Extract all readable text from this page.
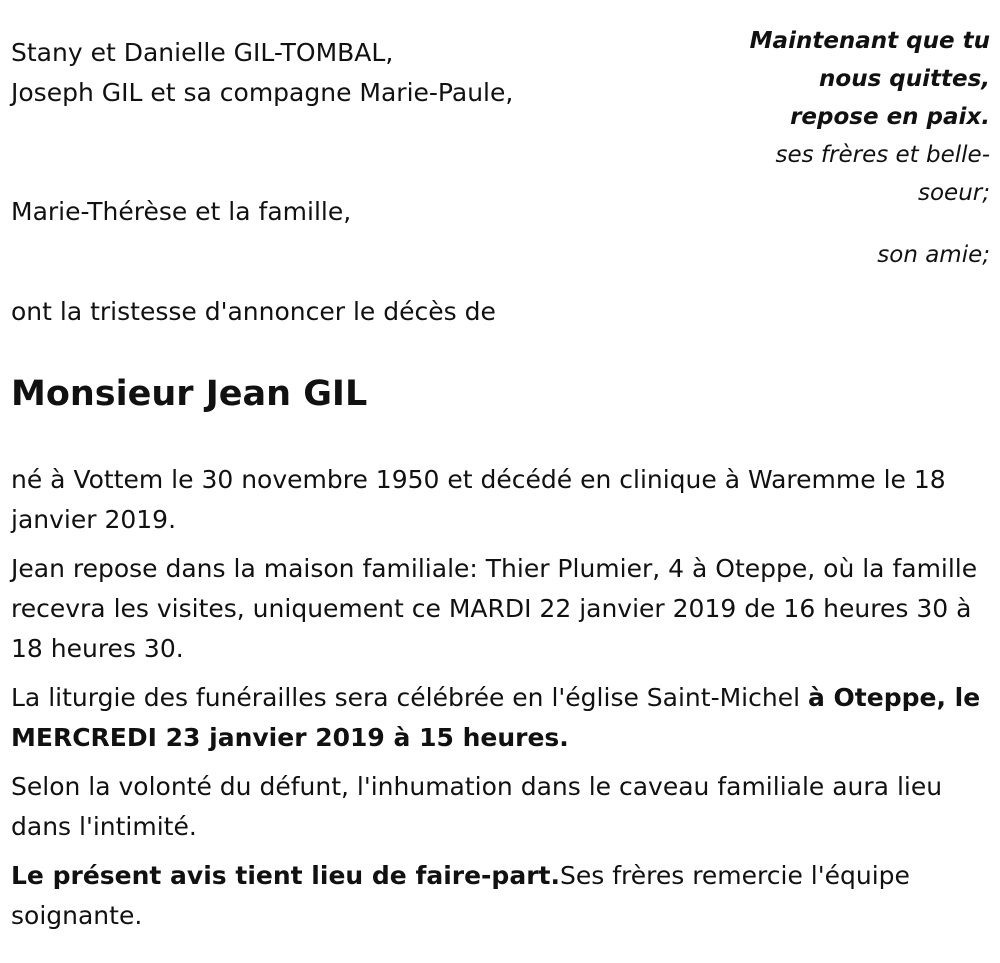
Stany et Danielle GIL-TOMBAL,
Joseph GIL et sa compagne Marie-Paule,
Marie-Thérèse et la famille,
Maintenant que tu
nous quittes,
repose en paix.
ses frères et belle-
soeur;
son amie;
ont la tristesse d'annoncer le décès de
Monsieur Jean GIL

né à Vottem le 30 novembre 1950 et décédé en clinique à Waremme le 18 janvier 2019.

Jean repose dans la maison familiale: Thier Plumier, 4 à Oteppe, où la famille recevra les visites, uniquement ce MARDI 22 janvier 2019 de 16 heures 30 à 18 heures 30.

La liturgie des funérailles sera célébrée en l'église Saint-Michel à Oteppe, le MERCREDI 23 janvier 2019 à 15 heures.

Selon la volonté du défunt, l'inhumation dans le caveau familiale aura lieu dans l'intimité.

Le présent avis tient lieu de faire-part.Ses frères remercie l'équipe soignante.
